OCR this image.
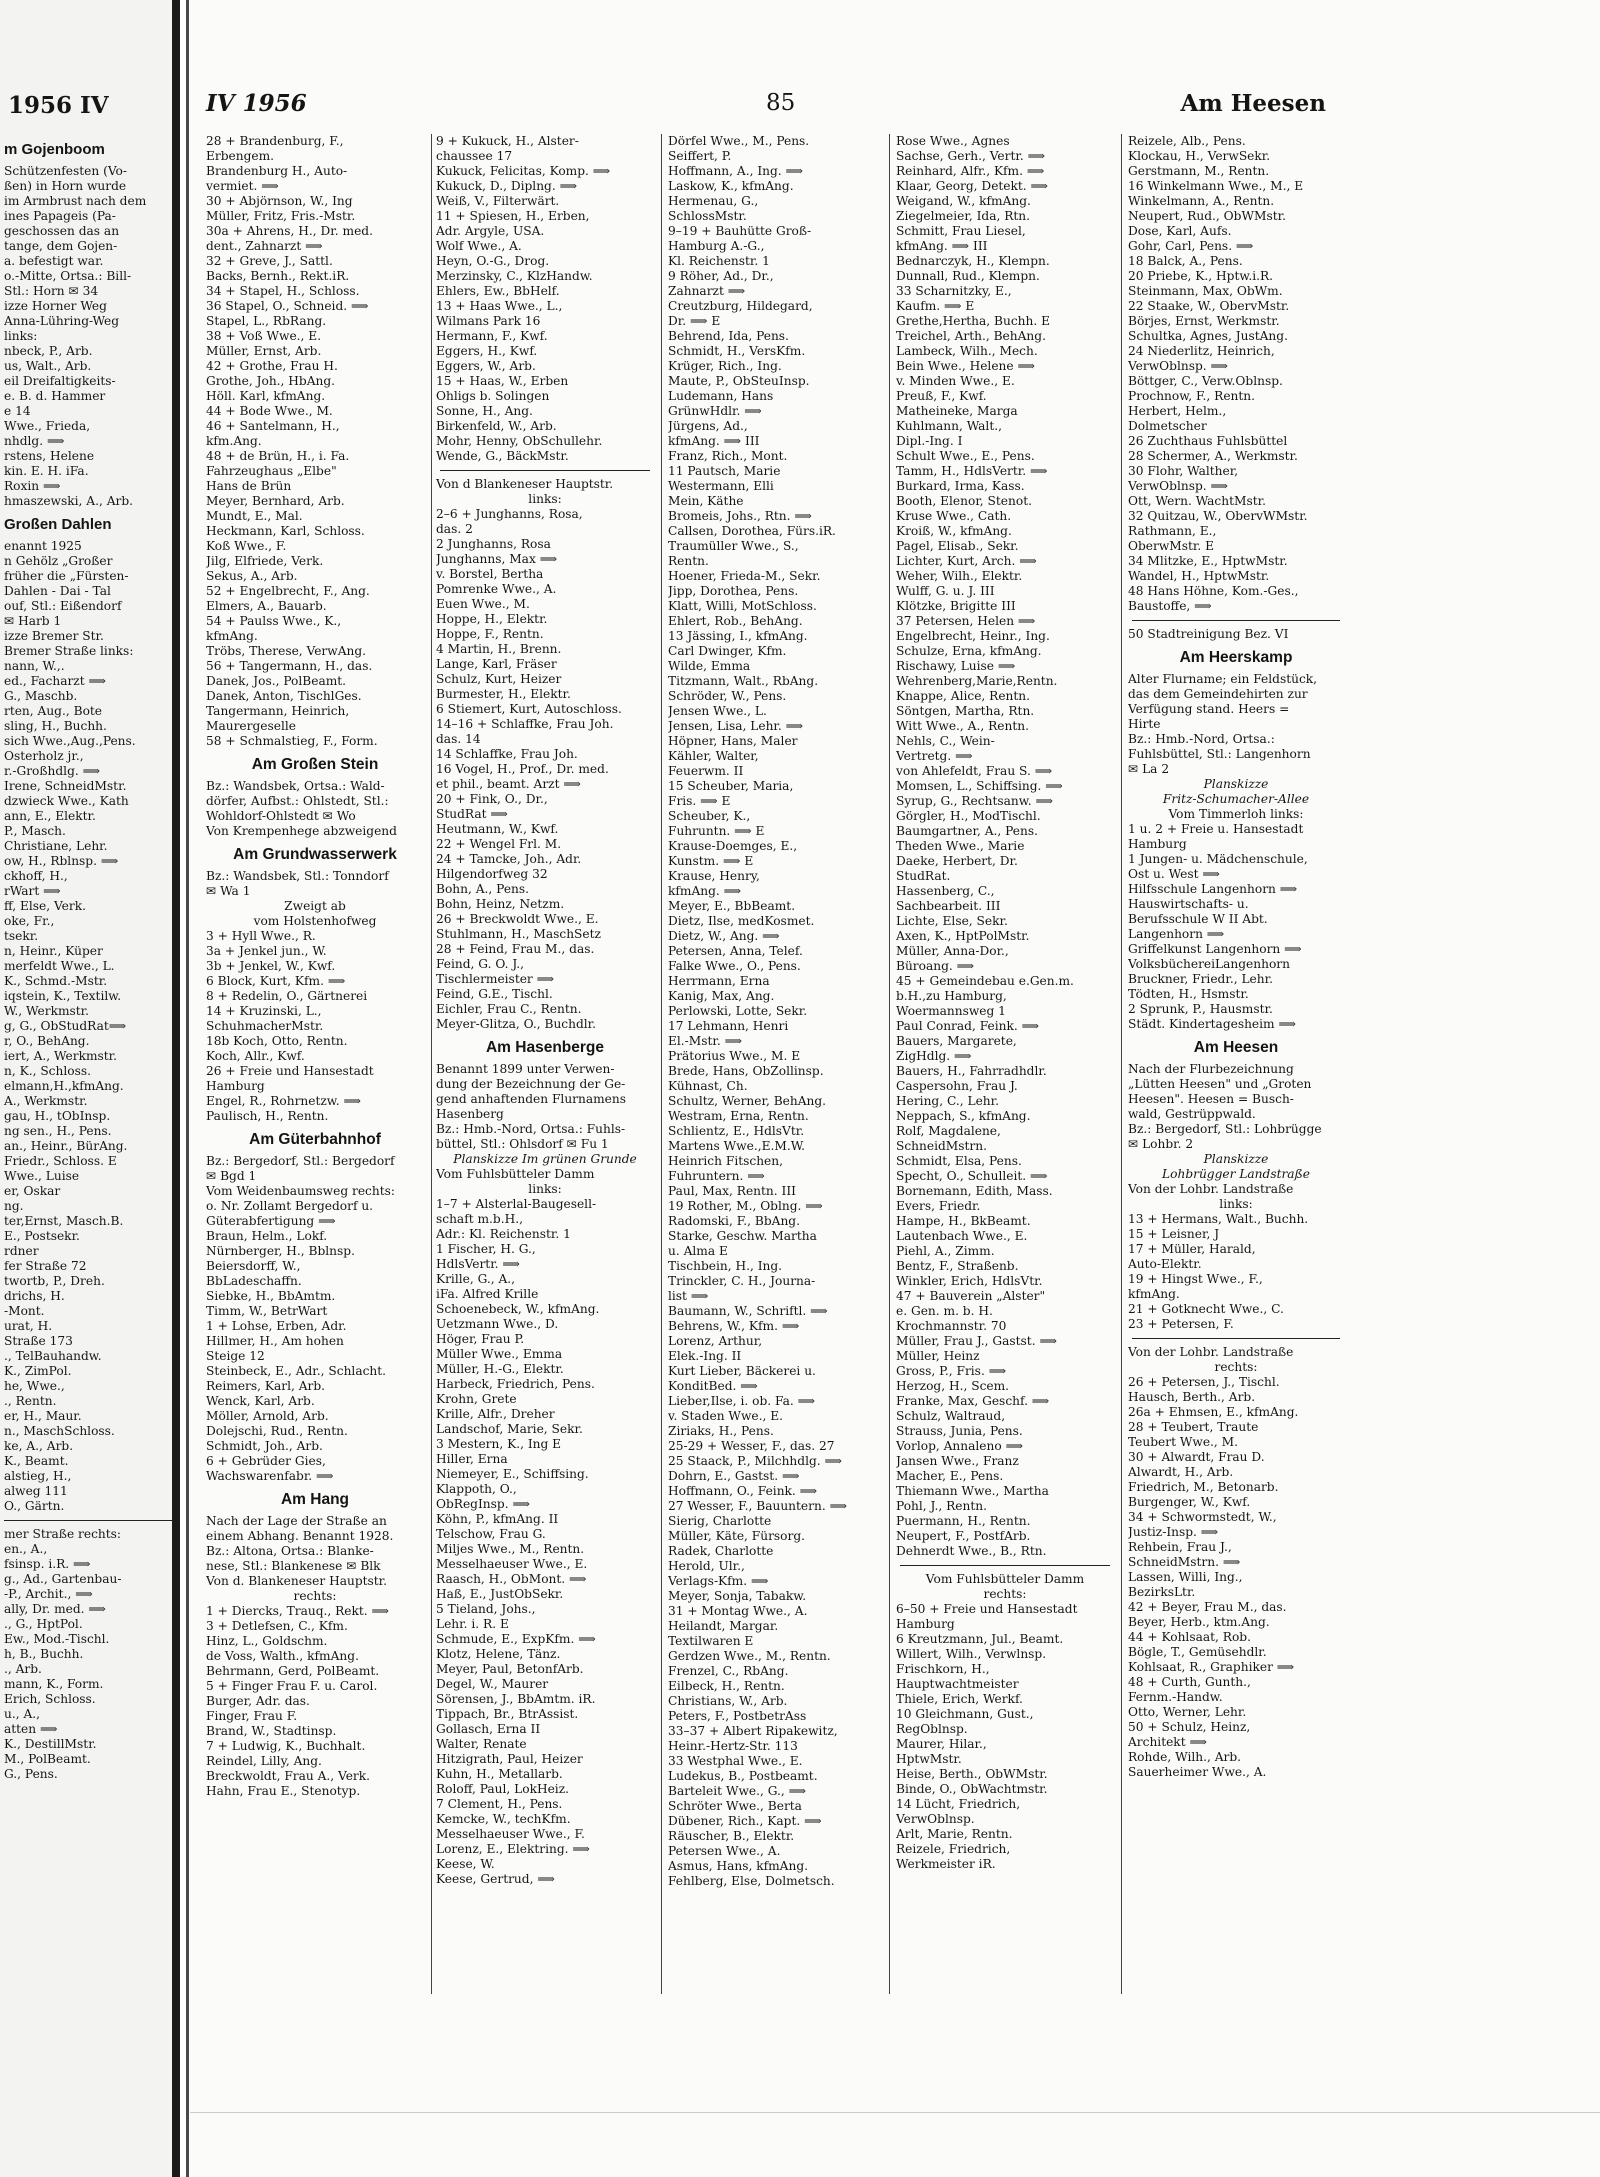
1956 IV
m Gojenboom
Schützenfesten (Vo-
ßen) in Horn wurde
im Armbrust nach dem
ines Papageis (Pa-
geschossen das an
tange, dem Gojen-
a. befestigt war.
o.-Mitte, Ortsa.: Bill-
Stl.: Horn ✉ 34
izze Horner Weg
Anna-Lühring-Weg
links:
nbeck, P., Arb.
us, Walt., Arb.
eil Dreifaltigkeits-
e. B. d. Hammer
e 14
Wwe., Frieda,
nhdlg. ⟹
rstens, Helene
kin. E. H. iFa.
Roxin ⟹
hmaszewski, A., Arb.
Großen Dahlen
enannt 1925
n Gehölz „Großer
früher die „Fürsten-
Dahlen - Dai - Tal
ouf, Stl.: Eißendorf
✉ Harb 1
izze Bremer Str.
Bremer Straße links:
nann, W.,.
ed., Facharzt ⟹
G., Maschb.
rten, Aug., Bote
sling, H., Buchh.
sich Wwe.,Aug.,Pens.
Osterholz jr.,
r.-Großhdlg. ⟹
Irene, SchneidMstr.
dzwieck Wwe., Kath
ann, E., Elektr.
P., Masch.
Christiane, Lehr.
ow, H., Rblnsp. ⟹
ckhoff, H.,
rWart ⟹
ff, Else, Verk.
oke, Fr.,
tsekr.
n, Heinr., Küper
merfeldt Wwe., L.
K., Schmd.-Mstr.
iqstein, K., Textilw.
W., Werkmstr.
g, G., ObStudRat⟹
r, O., BehAng.
iert, A., Werkmstr.
n, K., Schloss.
elmann,H.,kfmAng.
A., Werkmstr.
gau, H., tObInsp.
ng sen., H., Pens.
an., Heinr., BürAng.
Friedr., Schloss. E
Wwe., Luise
er, Oskar
ng.
ter,Ernst, Masch.B.
E., Postsekr.
rdner
fer Straße 72
twortb, P., Dreh.
drichs, H.
-Mont.
urat, H.
Straße 173
., TelBauhandw.
K., ZimPol.
he, Wwe.,
., Rentn.
er, H., Maur.
n., MaschSchloss.
ke, A., Arb.
K., Beamt.
alstieg, H.,
alweg 111
O., Gärtn.
mer Straße rechts:
en., A.,
fsinsp. i.R. ⟹
g., Ad., Gartenbau-
-P., Archit., ⟹
ally, Dr. med. ⟹
., G., HptPol.
Ew., Mod.-Tischl.
h, B., Buchh.
., Arb.
mann, K., Form.
Erich, Schloss.
u., A.,
atten ⟹
K., DestillMstr.
M., PolBeamt.
G., Pens.
IV 1956	85	Am Heesen
28 + Brandenburg, F.,
Erbengem.
Brandenburg H., Auto-
vermiet. ⟹
30 + Abjörnson, W., Ing
Müller, Fritz, Fris.-Mstr.
30a + Ahrens, H., Dr. med.
dent., Zahnarzt ⟹
32 + Greve, J., Sattl.
Backs, Bernh., Rekt.iR.
34 + Stapel, H., Schloss.
36 Stapel, O., Schneid. ⟹
Stapel, L., RbRang.
38 + Voß Wwe., E.
Müller, Ernst, Arb.
42 + Grothe, Frau H.
Grothe, Joh., HbAng.
Höll. Karl, kfmAng.
44 + Bode Wwe., M.
46 + Santelmann, H.,
kfm.Ang.
48 + de Brün, H., i. Fa.
Fahrzeughaus „Elbe"
Hans de Brün
Meyer, Bernhard, Arb.
Mundt, E., Mal.
Heckmann, Karl, Schloss.
Koß Wwe., F.
Jilg, Elfriede, Verk.
Sekus, A., Arb.
52 + Engelbrecht, F., Ang.
Elmers, A., Bauarb.
54 + Paulss Wwe., K.,
kfmAng.
Tröbs, Therese, VerwAng.
56 + Tangermann, H., das.
Danek, Jos., PolBeamt.
Danek, Anton, TischlGes.
Tangermann, Heinrich,
Maurergeselle
58 + Schmalstieg, F., Form.
Am Großen Stein
Bz.: Wandsbek, Ortsa.: Wald-
dörfer, Aufbst.: Ohlstedt, Stl.:
Wohldorf-Ohlstedt ✉ Wo
Von Krempenhege abzweigend
Am Grundwasserwerk
Bz.: Wandsbek, Stl.: Tonndorf
✉ Wa 1
Zweigt ab
vom Holstenhofweg
3 + Hyll Wwe., R.
3a + Jenkel jun., W.
3b + Jenkel, W., Kwf.
6 Block, Kurt, Kfm. ⟹
8 + Redelin, O., Gärtnerei
14 + Kruzinski, L.,
SchuhmacherMstr.
18b Koch, Otto, Rentn.
Koch, Allr., Kwf.
26 + Freie und Hansestadt
Hamburg
Engel, R., Rohrnetzw. ⟹
Paulisch, H., Rentn.
Am Güterbahnhof
Bz.: Bergedorf, Stl.: Bergedorf
✉ Bgd 1
Vom Weidenbaumsweg rechts:
o. Nr. Zollamt Bergedorf u.
Güterabfertigung ⟹
Braun, Helm., Lokf.
Nürnberger, H., Bblnsp.
Beiersdorff, W.,
BbLadeschaffn.
Siebke, H., BbAmtm.
Timm, W., BetrWart
1 + Lohse, Erben, Adr.
Hillmer, H., Am hohen
Steige 12
Steinbeck, E., Adr., Schlacht.
Reimers, Karl, Arb.
Wenck, Karl, Arb.
Möller, Arnold, Arb.
Dolejschi, Rud., Rentn.
Schmidt, Joh., Arb.
6 + Gebrüder Gies,
Wachswarenfabr. ⟹
Am Hang
Nach der Lage der Straße an
einem Abhang. Benannt 1928.
Bz.: Altona, Ortsa.: Blanke-
nese, Stl.: Blankenese ✉ Blk
Von d. Blankeneser Hauptstr.
rechts:
1 + Diercks, Trauq., Rekt. ⟹
3 + Detlefsen, C., Kfm.
Hinz, L., Goldschm.
de Voss, Walth., kfmAng.
Behrmann, Gerd, PolBeamt.
5 + Finger Frau F. u. Carol.
Burger, Adr. das.
Finger, Frau F.
Brand, W., Stadtinsp.
7 + Ludwig, K., Buchhalt.
Reindel, Lilly, Ang.
Breckwoldt, Frau A., Verk.
Hahn, Frau E., Stenotyp.
9 + Kukuck, H., Alster-
chaussee 17
Kukuck, Felicitas, Komp. ⟹
Kukuck, D., Diplng. ⟹
Weiß, V., Filterwärt.
11 + Spiesen, H., Erben,
Adr. Argyle, USA.
Wolf Wwe., A.
Heyn, O.-G., Drog.
Merzinsky, C., KlzHandw.
Ehlers, Ew., BbHelf.
13 + Haas Wwe., L.,
Wilmans Park 16
Hermann, F., Kwf.
Eggers, H., Kwf.
Eggers, W., Arb.
15 + Haas, W., Erben
Ohligs b. Solingen
Sonne, H., Ang.
Birkenfeld, W., Arb.
Mohr, Henny, ObSchullehr.
Wende, G., BäckMstr.
Von d Blankeneser Hauptstr.
links:
2–6 + Junghanns, Rosa,
das. 2
2 Junghanns, Rosa
Junghanns, Max ⟹
v. Borstel, Bertha
Pomrenke Wwe., A.
Euen Wwe., M.
Hoppe, H., Elektr.
Hoppe, F., Rentn.
4 Martin, H., Brenn.
Lange, Karl, Fräser
Schulz, Kurt, Heizer
Burmester, H., Elektr.
6 Stiemert, Kurt, Autoschloss.
14–16 + Schlaffke, Frau Joh.
das. 14
14 Schlaffke, Frau Joh.
16 Vogel, H., Prof., Dr. med.
et phil., beamt. Arzt ⟹
20 + Fink, O., Dr.,
StudRat ⟹
Heutmann, W., Kwf.
22 + Wengel Frl. M.
24 + Tamcke, Joh., Adr.
Hilgendorfweg 32
Bohn, A., Pens.
Bohn, Heinz, Netzm.
26 + Breckwoldt Wwe., E.
Stuhlmann, H., MaschSetz
28 + Feind, Frau M., das.
Feind, G. O. J.,
Tischlermeister ⟹
Feind, G.E., Tischl.
Eichler, Frau C., Rentn.
Meyer-Glitza, O., Buchdlr.
Am Hasenberge
Benannt 1899 unter Verwen-
dung der Bezeichnung der Ge-
gend anhaftenden Flurnamens
Hasenberg
Bz.: Hmb.-Nord, Ortsa.: Fuhls-
büttel, Stl.: Ohlsdorf ✉ Fu 1
Planskizze Im grünen Grunde
Vom Fuhlsbütteler Damm
links:
1–7 + Alsterlal-Baugesell-
schaft m.b.H.,
Adr.: Kl. Reichenstr. 1
1 Fischer, H. G.,
HdlsVertr. ⟹
Krille, G., A.,
iFa. Alfred Krille
Schoenebeck, W., kfmAng.
Uetzmann Wwe., D.
Höger, Frau P.
Müller Wwe., Emma
Müller, H.-G., Elektr.
Harbeck, Friedrich, Pens.
Krohn, Grete
Krille, Alfr., Dreher
Landschof, Marie, Sekr.
3 Mestern, K., Ing E
Hiller, Erna
Niemeyer, E., Schiffsing.
Klappoth, O.,
ObRegInsp. ⟹
Köhn, P., kfmAng. II
Telschow, Frau G.
Miljes Wwe., M., Rentn.
Messelhaeuser Wwe., E.
Raasch, H., ObMont. ⟹
Haß, E., JustObSekr.
5 Tieland, Johs.,
Lehr. i. R. E
Schmude, E., ExpKfm. ⟹
Klotz, Helene, Tänz.
Meyer, Paul, BetonfArb.
Degel, W., Maurer
Sörensen, J., BbAmtm. iR.
Tippach, Br., BtrAssist.
Gollasch, Erna II
Walter, Renate
Hitzigrath, Paul, Heizer
Kuhn, H., Metallarb.
Roloff, Paul, LokHeiz.
7 Clement, H., Pens.
Kemcke, W., techKfm.
Messelhaeuser Wwe., F.
Lorenz, E., Elektring. ⟹
Keese, W.
Keese, Gertrud, ⟹
Dörfel Wwe., M., Pens.
Seiffert, P.
Hoffmann, A., Ing. ⟹
Laskow, K., kfmAng.
Hermenau, G.,
SchlossMstr.
9–19 + Bauhütte Groß-
Hamburg A.-G.,
Kl. Reichenstr. 1
9 Röher, Ad., Dr.,
Zahnarzt ⟹
Creutzburg, Hildegard,
Dr. ⟹ E
Behrend, Ida, Pens.
Schmidt, H., VersKfm.
Krüger, Rich., Ing.
Maute, P., ObSteuInsp.
Ludemann, Hans
GrünwHdlr. ⟹
Jürgens, Ad.,
kfmAng. ⟹ III
Franz, Rich., Mont.
11 Pautsch, Marie
Westermann, Elli
Mein, Käthe
Bromeis, Johs., Rtn. ⟹
Callsen, Dorothea, Fürs.iR.
Traumüller Wwe., S.,
Rentn.
Hoener, Frieda-M., Sekr.
Jipp, Dorothea, Pens.
Klatt, Willi, MotSchloss.
Ehlert, Rob., BehAng.
13 Jässing, I., kfmAng.
Carl Dwinger, Kfm.
Wilde, Emma
Titzmann, Walt., RbAng.
Schröder, W., Pens.
Jensen Wwe., L.
Jensen, Lisa, Lehr. ⟹
Höpner, Hans, Maler
Kähler, Walter,
Feuerwm. II
15 Scheuber, Maria,
Fris. ⟹ E
Scheuber, K.,
Fuhruntn. ⟹ E
Krause-Doemges, E.,
Kunstm. ⟹ E
Krause, Henry,
kfmAng. ⟹
Meyer, E., BbBeamt.
Dietz, Ilse, medKosmet.
Dietz, W., Ang. ⟹
Petersen, Anna, Telef.
Falke Wwe., O., Pens.
Herrmann, Erna
Kanig, Max, Ang.
Perlowski, Lotte, Sekr.
17 Lehmann, Henri
El.-Mstr. ⟹
Prätorius Wwe., M. E
Brede, Hans, ObZollinsp.
Kühnast, Ch.
Schultz, Werner, BehAng.
Westram, Erna, Rentn.
Schlientz, E., HdlsVtr.
Martens Wwe.,E.M.W.
Heinrich Fitschen,
Fuhruntern. ⟹
Paul, Max, Rentn. III
19 Rother, M., Oblng. ⟹
Radomski, F., BbAng.
Starke, Geschw. Martha
u. Alma E
Tischbein, H., Ing.
Trinckler, C. H., Journa-
list ⟹
Baumann, W., Schriftl. ⟹
Behrens, W., Kfm. ⟹
Lorenz, Arthur,
Elek.-Ing. II
Kurt Lieber, Bäckerei u.
KonditBed. ⟹
Lieber,Ilse, i. ob. Fa. ⟹
v. Staden Wwe., E.
Ziriaks, H., Pens.
25-29 + Wesser, F., das. 27
25 Staack, P., Milchhdlg. ⟹
Dohrn, E., Gastst. ⟹
Hoffmann, O., Feink. ⟹
27 Wesser, F., Bauuntern. ⟹
Sierig, Charlotte
Müller, Käte, Fürsorg.
Radek, Charlotte
Herold, Ulr.,
Verlags-Kfm. ⟹
Meyer, Sonja, Tabakw.
31 + Montag Wwe., A.
Heilandt, Margar.
Textilwaren E
Gerdzen Wwe., M., Rentn.
Frenzel, C., RbAng.
Eilbeck, H., Rentn.
Christians, W., Arb.
Peters, F., PostbetrAss
33–37 + Albert Ripakewitz,
Heinr.-Hertz-Str. 113
33 Westphal Wwe., E.
Ludekus, B., Postbeamt.
Barteleit Wwe., G., ⟹
Schröter Wwe., Berta
Dübener, Rich., Kapt. ⟹
Räuscher, B., Elektr.
Petersen Wwe., A.
Asmus, Hans, kfmAng.
Fehlberg, Else, Dolmetsch.
Rose Wwe., Agnes
Sachse, Gerh., Vertr. ⟹
Reinhard, Alfr., Kfm. ⟹
Klaar, Georg, Detekt. ⟹
Weigand, W., kfmAng.
Ziegelmeier, Ida, Rtn.
Schmitt, Frau Liesel,
kfmAng. ⟹ III
Bednarczyk, H., Klempn.
Dunnall, Rud., Klempn.
33 Scharnitzky, E.,
Kaufm. ⟹ E
Grethe,Hertha, Buchh. E
Treichel, Arth., BehAng.
Lambeck, Wilh., Mech.
Bein Wwe., Helene ⟹
v. Minden Wwe., E.
Preuß, F., Kwf.
Matheineke, Marga
Kuhlmann, Walt.,
Dipl.-Ing. I
Schult Wwe., E., Pens.
Tamm, H., HdlsVertr. ⟹
Burkard, Irma, Kass.
Booth, Elenor, Stenot.
Kruse Wwe., Cath.
Kroiß, W., kfmAng.
Pagel, Elisab., Sekr.
Lichter, Kurt, Arch. ⟹
Weher, Wilh., Elektr.
Wulff, G. u. J. III
Klötzke, Brigitte III
37 Petersen, Helen ⟹
Engelbrecht, Heinr., Ing.
Schulze, Erna, kfmAng.
Rischawy, Luise ⟹
Wehrenberg,Marie,Rentn.
Knappe, Alice, Rentn.
Söntgen, Martha, Rtn.
Witt Wwe., A., Rentn.
Nehls, C., Wein-
Vertretg. ⟹
von Ahlefeldt, Frau S. ⟹
Momsen, L., Schiffsing. ⟹
Syrup, G., Rechtsanw. ⟹
Görgler, H., ModTischl.
Baumgartner, A., Pens.
Theden Wwe., Marie
Daeke, Herbert, Dr.
StudRat.
Hassenberg, C.,
Sachbearbeit. III
Lichte, Else, Sekr.
Axen, K., HptPolMstr.
Müller, Anna-Dor.,
Büroang. ⟹
45 + Gemeindebau e.Gen.m.
b.H.,zu Hamburg,
Woermannsweg 1
Paul Conrad, Feink. ⟹
Bauers, Margarete,
ZigHdlg. ⟹
Bauers, H., Fahrradhdlr.
Caspersohn, Frau J.
Hering, C., Lehr.
Neppach, S., kfmAng.
Rolf, Magdalene,
SchneidMstrn.
Schmidt, Elsa, Pens.
Specht, O., Schulleit. ⟹
Bornemann, Edith, Mass.
Evers, Friedr.
Hampe, H., BkBeamt.
Lautenbach Wwe., E.
Piehl, A., Zimm.
Bentz, F., Straßenb.
Winkler, Erich, HdlsVtr.
47 + Bauverein „Alster"
e. Gen. m. b. H.
Krochmannstr. 70
Müller, Frau J., Gastst. ⟹
Müller, Heinz
Gross, P., Fris. ⟹
Herzog, H., Scem.
Franke, Max, Geschf. ⟹
Schulz, Waltraud,
Strauss, Junia, Pens.
Vorlop, Annaleno ⟹
Jansen Wwe., Franz
Macher, E., Pens.
Thiemann Wwe., Martha
Pohl, J., Rentn.
Puermann, H., Rentn.
Neupert, F., PostfArb.
Dehnerdt Wwe., B., Rtn.
Vom Fuhlsbütteler Damm
rechts:
6–50 + Freie und Hansestadt
Hamburg
6 Kreutzmann, Jul., Beamt.
Willert, Wilh., Verwlnsp.
Frischkorn, H.,
Hauptwachtmeister
Thiele, Erich, Werkf.
10 Gleichmann, Gust.,
RegOblnsp.
Maurer, Hilar.,
HptwMstr.
Heise, Berth., ObWMstr.
Binde, O., ObWachtmstr.
14 Lücht, Friedrich,
VerwOblnsp.
Arlt, Marie, Rentn.
Reizele, Friedrich,
Werkmeister iR.
Reizele, Alb., Pens.
Klockau, H., VerwSekr.
Gerstmann, M., Rentn.
16 Winkelmann Wwe., M., E
Winkelmann, A., Rentn.
Neupert, Rud., ObWMstr.
Dose, Karl, Aufs.
Gohr, Carl, Pens. ⟹
18 Balck, A., Pens.
20 Priebe, K., Hptw.i.R.
Steinmann, Max, ObWm.
22 Staake, W., ObervMstr.
Börjes, Ernst, Werkmstr.
Schultka, Agnes, JustAng.
24 Niederlitz, Heinrich,
VerwOblnsp. ⟹
Böttger, C., Verw.Oblnsp.
Prochnow, F., Rentn.
Herbert, Helm.,
Dolmetscher
26 Zuchthaus Fuhlsbüttel
28 Schermer, A., Werkmstr.
30 Flohr, Walther,
VerwOblnsp. ⟹
Ott, Wern. WachtMstr.
32 Quitzau, W., ObervWMstr.
Rathmann, E.,
OberwMstr. E
34 Mlitzke, E., HptwMstr.
Wandel, H., HptwMstr.
48 Hans Höhne, Kom.-Ges.,
Baustoffe, ⟹
50 Stadtreinigung Bez. VI
Am Heerskamp
Alter Flurname; ein Feldstück,
das dem Gemeindehirten zur
Verfügung stand. Heers =
Hirte
Bz.: Hmb.-Nord, Ortsa.:
Fuhlsbüttel, Stl.: Langenhorn
✉ La 2
Planskizze
Fritz-Schumacher-Allee
Vom Timmerloh links:
1 u. 2 + Freie u. Hansestadt
Hamburg
1 Jungen- u. Mädchenschule,
Ost u. West ⟹
Hilfsschule Langenhorn ⟹
Hauswirtschafts- u.
Berufsschule W II Abt.
Langenhorn ⟹
Griffelkunst Langenhorn ⟹
VolksbüchereiLangenhorn
Bruckner, Friedr., Lehr.
Tödten, H., Hsmstr.
2 Sprunk, P., Hausmstr.
Städt. Kindertagesheim ⟹
Am Heesen
Nach der Flurbezeichnung
„Lütten Heesen" und „Groten
Heesen". Heesen = Busch-
wald, Gestrüppwald.
Bz.: Bergedorf, Stl.: Lohbrügge
✉ Lohbr. 2
Planskizze
Lohbrügger Landstraße
Von der Lohbr. Landstraße
links:
13 + Hermans, Walt., Buchh.
15 + Leisner, J
17 + Müller, Harald,
Auto-Elektr.
19 + Hingst Wwe., F.,
kfmAng.
21 + Gotknecht Wwe., C.
23 + Petersen, F.
Von der Lohbr. Landstraße
rechts:
26 + Petersen, J., Tischl.
Hausch, Berth., Arb.
26a + Ehmsen, E., kfmAng.
28 + Teubert, Traute
Teubert Wwe., M.
30 + Alwardt, Frau D.
Alwardt, H., Arb.
Friedrich, M., Betonarb.
Burgenger, W., Kwf.
34 + Schwormstedt, W.,
Justiz-Insp. ⟹
Rehbein, Frau J.,
SchneidMstrn. ⟹
Lassen, Willi, Ing.,
BezirksLtr.
42 + Beyer, Frau M., das.
Beyer, Herb., ktm.Ang.
44 + Kohlsaat, Rob.
Bögle, T., Gemüsehdlr.
Kohlsaat, R., Graphiker ⟹
48 + Curth, Gunth.,
Fernm.-Handw.
Otto, Werner, Lehr.
50 + Schulz, Heinz,
Architekt ⟹
Rohde, Wilh., Arb.
Sauerheimer Wwe., A.
